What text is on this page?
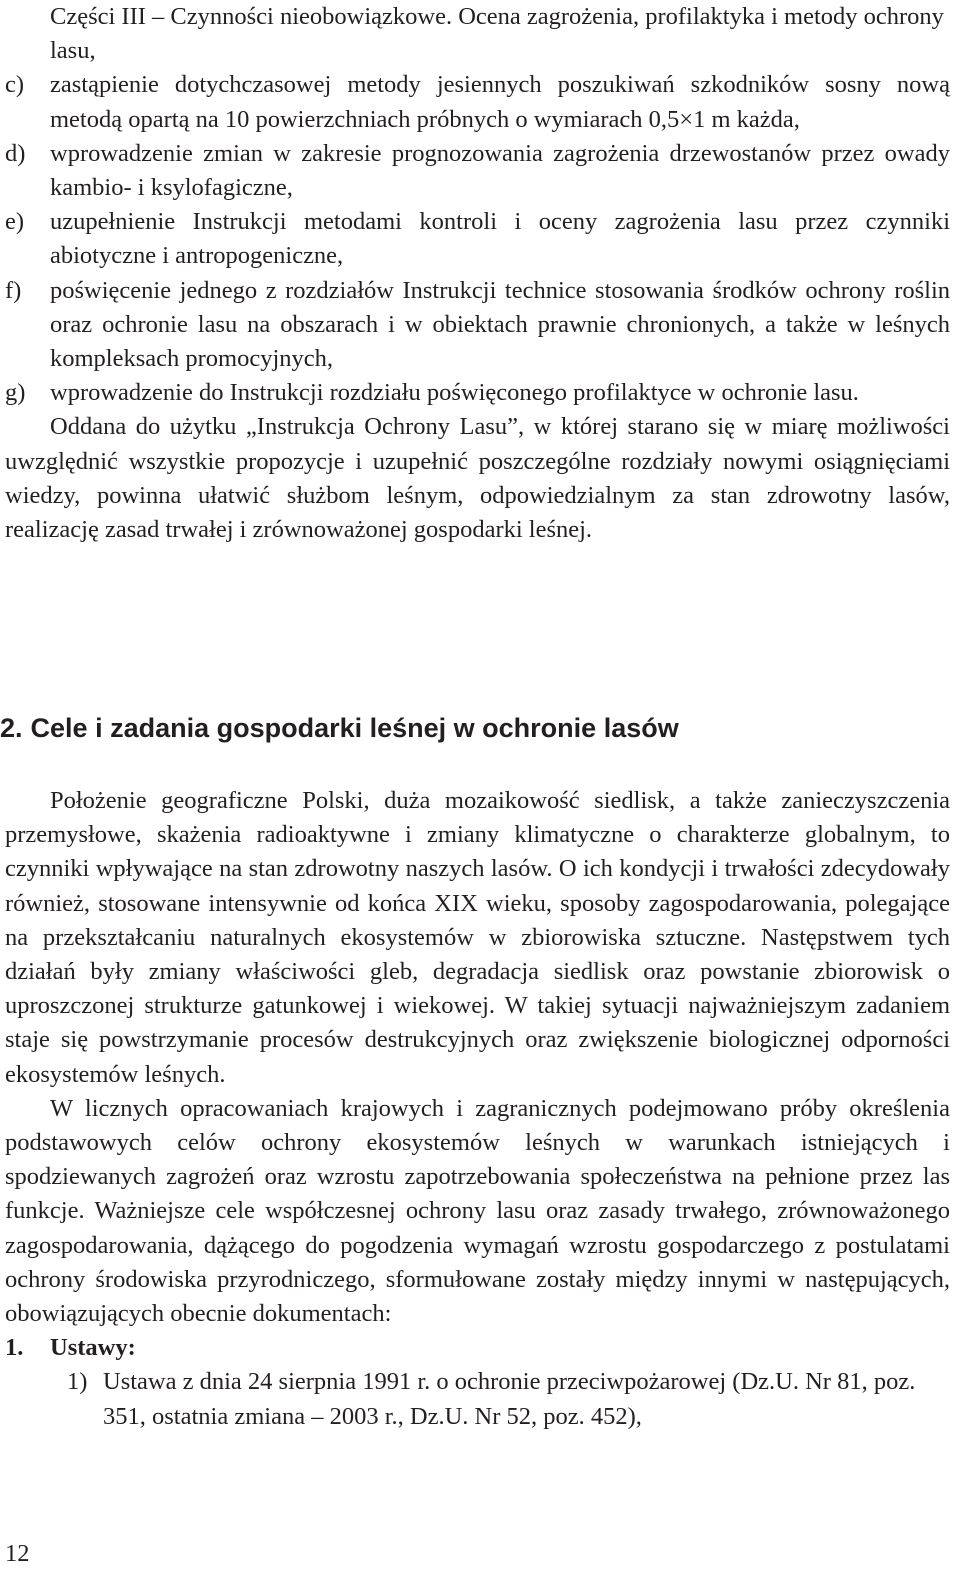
Części III – Czynności nieobowiązkowe. Ocena zagrożenia, profilaktyka i metody ochrony lasu,

c)	zastąpienie dotychczasowej metody jesiennych poszukiwań szkodników sosny nową metodą opartą na 10 powierzchniach próbnych o wymiarach 0,5×1 m każda,
d)	wprowadzenie zmian w zakresie prognozowania zagrożenia drzewostanów przez owady kambio- i ksylofagiczne,
e)	uzupełnienie Instrukcji metodami kontroli i oceny zagrożenia lasu przez czynniki abiotyczne i antropogeniczne,
f)	poświęcenie jednego z rozdziałów Instrukcji technice stosowania środków ochrony roślin oraz ochronie lasu na obszarach i w obiektach prawnie chronionych, a także w leśnych kompleksach promocyjnych,
g)	wprowadzenie do Instrukcji rozdziału poświęconego profilaktyce w ochronie lasu.

Oddana do użytku „Instrukcja Ochrony Lasu”, w której starano się w miarę możliwości uwzględnić wszystkie propozycje i uzupełnić poszczególne rozdziały nowymi osiągnięciami wiedzy, powinna ułatwić służbom leśnym, odpowiedzialnym za stan zdrowotny lasów, realizację zasad trwałej i zrównoważonej gospodarki leśnej.

2. Cele i zadania gospodarki leśnej w ochronie lasów

Położenie geograficzne Polski, duża mozaikowość siedlisk, a także zanieczyszczenia przemysłowe, skażenia radioaktywne i zmiany klimatyczne o charakterze globalnym, to czynniki wpływające na stan zdrowotny naszych lasów. O ich kondycji i trwałości zdecydowały również, stosowane intensywnie od końca XIX wieku, sposoby zagospodarowania, polegające na przekształcaniu naturalnych ekosystemów w zbiorowiska sztuczne. Następstwem tych działań były zmiany właściwości gleb, degradacja siedlisk oraz powstanie zbiorowisk o uproszczonej strukturze gatunkowej i wiekowej. W takiej sytuacji najważniejszym zadaniem staje się powstrzymanie procesów destrukcyjnych oraz zwiększenie biologicznej odporności ekosystemów leśnych.

W licznych opracowaniach krajowych i zagranicznych podejmowano próby określenia podstawowych celów ochrony ekosystemów leśnych w warunkach istniejących i spodziewanych zagrożeń oraz wzrostu zapotrzebowania społeczeństwa na pełnione przez las funkcje. Ważniejsze cele współczesnej ochrony lasu oraz zasady trwałego, zrównoważonego zagospodarowania, dążącego do pogodzenia wymagań wzrostu gospodarczego z postulatami ochrony środowiska przyrodniczego, sformułowane zostały między innymi w następujących, obowiązujących obecnie dokumentach:

1.	Ustawy:
1) Ustawa z dnia 24 sierpnia 1991 r. o ochronie przeciwpożarowej (Dz.U. Nr 81, poz. 351, ostatnia zmiana – 2003 r., Dz.U. Nr 52, poz. 452),

12
